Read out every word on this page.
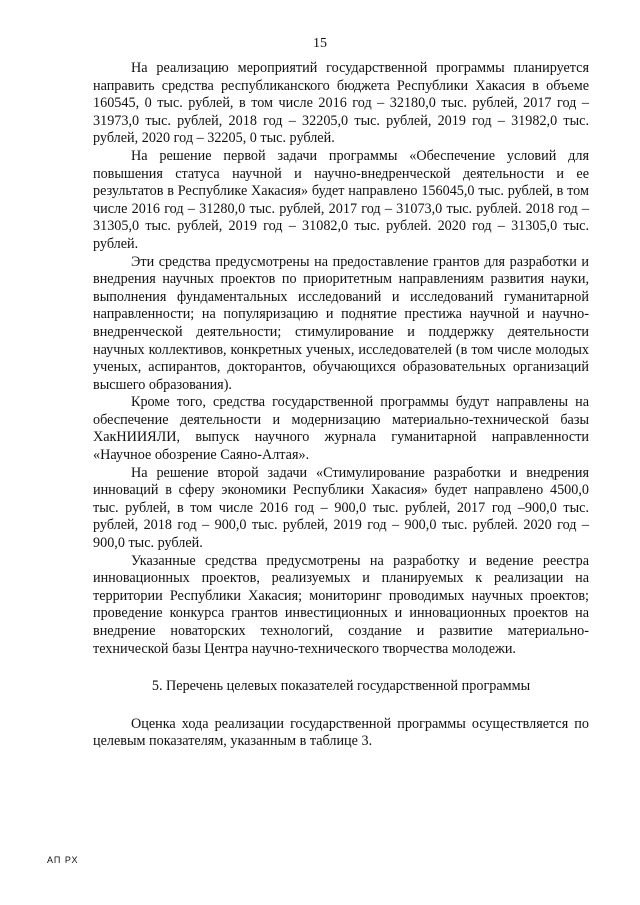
15

На реализацию мероприятий государственной программы планируется направить средства республиканского бюджета Республики Хакасия в объеме 160545, 0 тыс. рублей, в том числе 2016 год – 32180,0 тыс. рублей, 2017 год – 31973,0 тыс. рублей, 2018 год – 32205,0 тыс. рублей, 2019 год – 31982,0 тыс. рублей, 2020 год – 32205, 0 тыс. рублей.

На решение первой задачи программы «Обеспечение условий для повышения статуса научной и научно-внедренческой деятельности и ее результатов в Республике Хакасия» будет направлено 156045,0 тыс. рублей, в том числе 2016 год – 31280,0 тыс. рублей, 2017 год – 31073,0 тыс. рублей. 2018 год – 31305,0 тыс. рублей, 2019 год – 31082,0 тыс. рублей. 2020 год – 31305,0 тыс. рублей.

Эти средства предусмотрены на предоставление грантов для разработки и внедрения научных проектов по приоритетным направлениям развития науки, выполнения фундаментальных исследований и исследований гуманитарной направленности; на популяризацию и поднятие престижа научной и научно-внедренческой деятельности; стимулирование и поддержку деятельности научных коллективов, конкретных ученых, исследователей (в том числе молодых ученых, аспирантов, докторантов, обучающихся образовательных организаций высшего образования).

Кроме того, средства государственной программы будут направлены на обеспечение деятельности и модернизацию материально-технической базы ХакНИИЯЛИ, выпуск научного журнала гуманитарной направленности «Научное обозрение Саяно-Алтая».

На решение второй задачи «Стимулирование разработки и внедрения инноваций в сферу экономики Республики Хакасия» будет направлено 4500,0 тыс. рублей, в том числе 2016 год – 900,0 тыс. рублей, 2017 год –900,0 тыс. рублей, 2018 год – 900,0 тыс. рублей, 2019 год – 900,0 тыс. рублей. 2020 год – 900,0 тыс. рублей.

Указанные средства предусмотрены на разработку и ведение реестра инновационных проектов, реализуемых и планируемых к реализации на территории Республики Хакасия; мониторинг проводимых научных проектов; проведение конкурса грантов инвестиционных и инновационных проектов на внедрение новаторских технологий, создание и развитие материально-технической базы Центра научно-технического творчества молодежи.

5. Перечень целевых показателей государственной программы

Оценка хода реализации государственной программы осуществляется по целевым показателям, указанным в таблице 3.

АП РХ
